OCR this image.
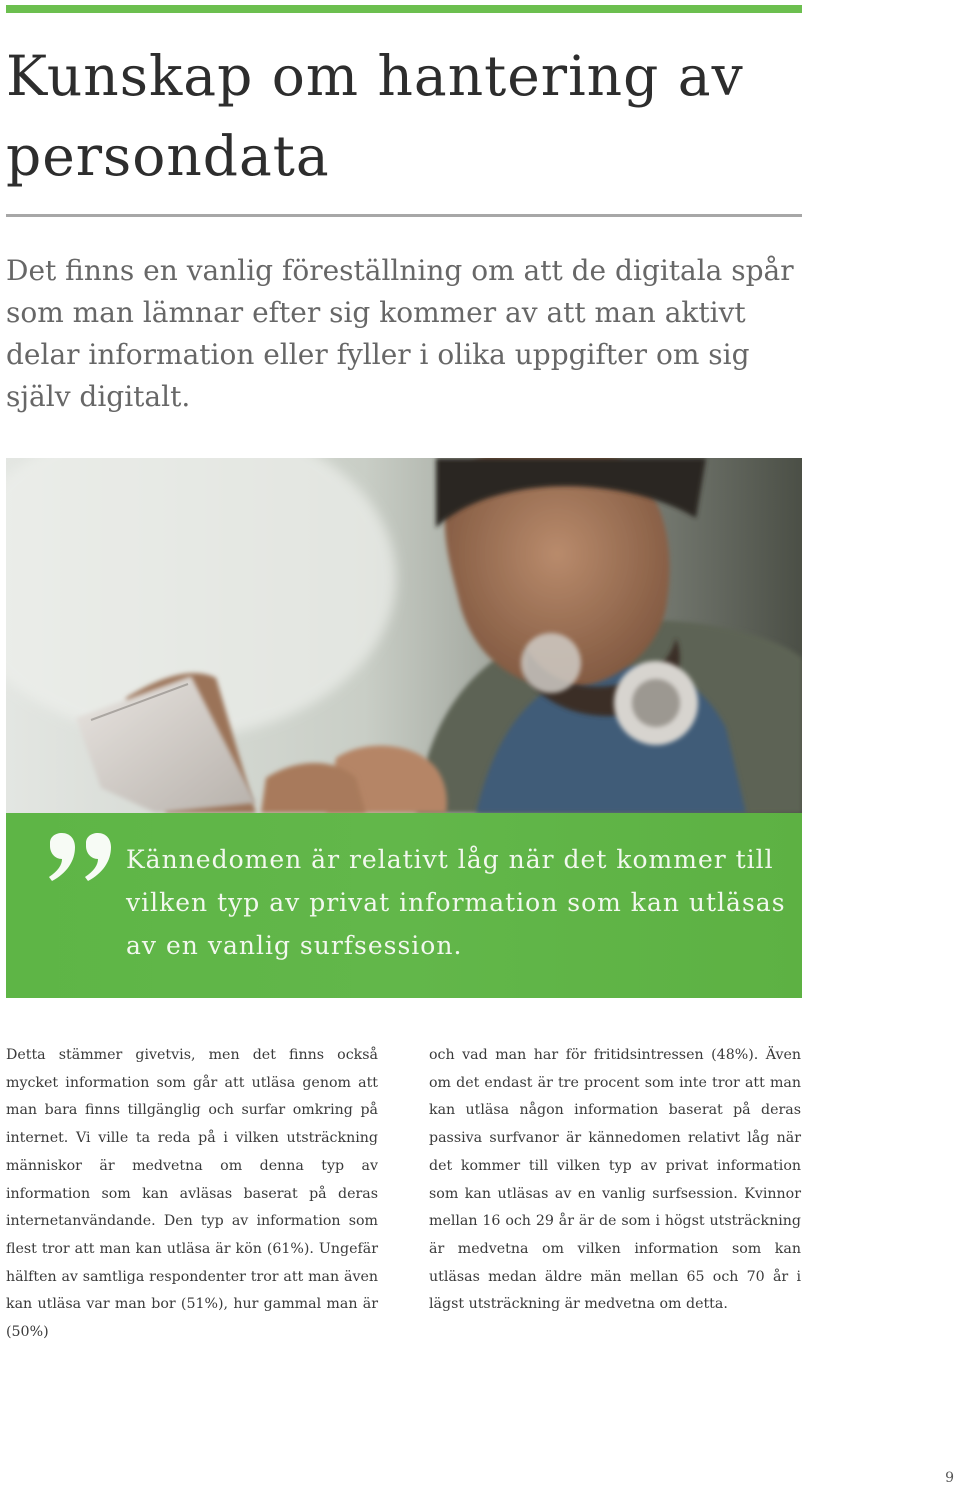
Kunskap om hantering av persondata

Det finns en vanlig föreställning om att de digitala spår som man lämnar efter sig kommer av att man aktivt delar information eller fyller i olika uppgifter om sig själv digitalt.

Kännedomen är relativt låg när det kommer till vilken typ av privat information som kan utläsas av en vanlig surfsession.

Detta stämmer givetvis, men det finns också mycket information som går att utläsa genom att man bara finns tillgänglig och surfar omkring på internet. Vi ville ta reda på i vilken utsträckning människor är medvetna om denna typ av information som kan avläsas baserat på deras internetanvändande. Den typ av information som flest tror att man kan utläsa är kön (61%). Ungefär hälften av samtliga respondenter tror att man även kan utläsa var man bor (51%), hur gammal man är (50%)

och vad man har för fritidsintressen (48%). Även om det endast är tre procent som inte tror att man kan utläsa någon information baserat på deras passiva surfvanor är kännedomen relativt låg när det kommer till vilken typ av privat information som kan utläsas av en vanlig surfsession. Kvinnor mellan 16 och 29 år är de som i högst utsträckning är medvetna om vilken information som kan utläsas medan äldre män mellan 65 och 70 år i lägst utsträckning är medvetna om detta.

9
